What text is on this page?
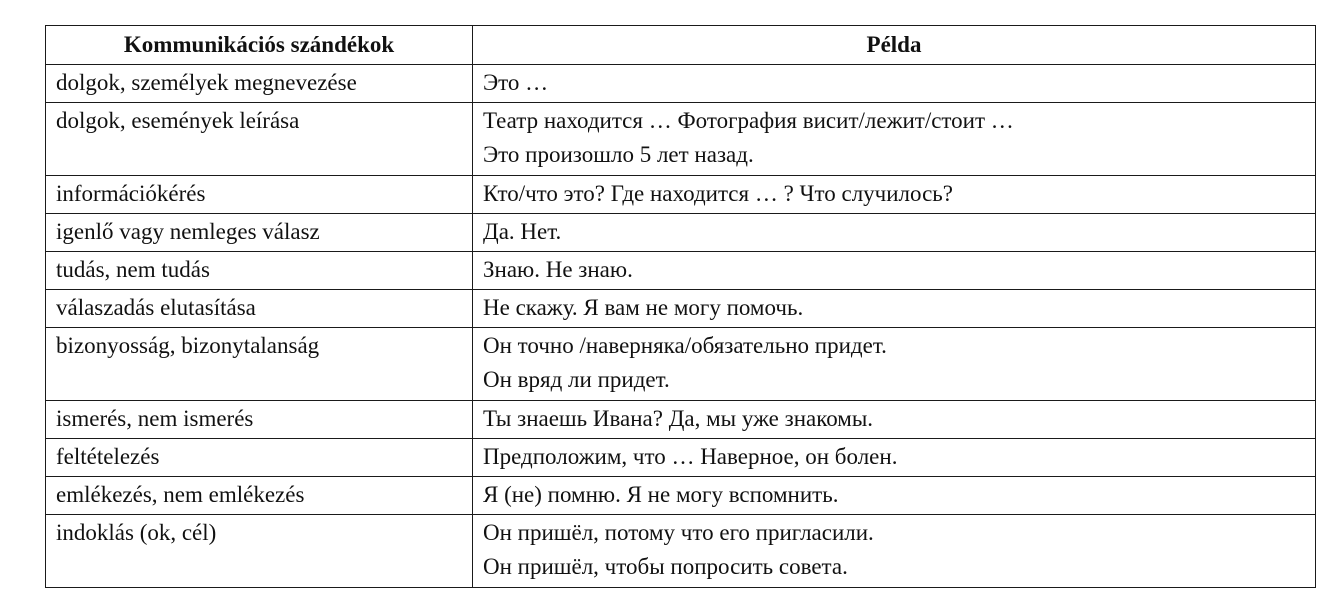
Kommunikációs szándékok	Példa

dolgok, személyek megnevezése	Это …

dolgok, események leírása	Театр находится … Фотография висит/лежит/стоит …
Это произошло 5 лет назад.

információkérés	Кто/что это? Где находится … ? Что случилось?

igenlő vagy nemleges válasz	Да. Нет.

tudás, nem tudás	Знаю. Не знаю.

válaszadás elutasítása	Не скажу. Я вам не могу помочь.

bizonyosság, bizonytalanság	Он точно /наверняка/обязательно придет.
Он вряд ли придет.

ismerés, nem ismerés	Ты знаешь Ивана? Да, мы уже знакомы.

feltételezés	Предположим, что … Наверное, он болен.

emlékezés, nem emlékezés	Я (не) помню. Я не могу вспомнить.

indoklás (ok, cél)	Он пришёл, потому что его пригласили.
Он пришёл, чтобы попросить совета.
